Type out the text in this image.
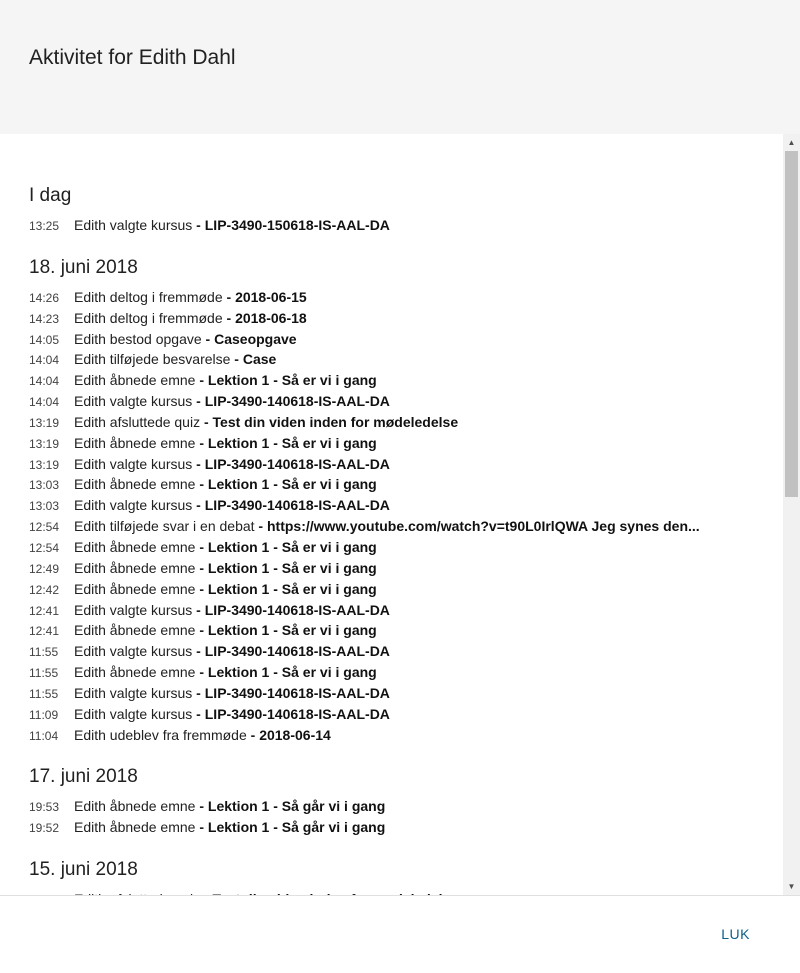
Aktivitet for Edith Dahl
I dag
13:25 Edith valgte kursus - LIP-3490-150618-IS-AAL-DA
18. juni 2018
14:26 Edith deltog i fremmøde - 2018-06-15
14:23 Edith deltog i fremmøde - 2018-06-18
14:05 Edith bestod opgave - Caseopgave
14:04 Edith tilføjede besvarelse - Case
14:04 Edith åbnede emne - Lektion 1 - Så er vi i gang
14:04 Edith valgte kursus - LIP-3490-140618-IS-AAL-DA
13:19 Edith afsluttede quiz - Test din viden inden for mødeledelse
13:19 Edith åbnede emne - Lektion 1 - Så er vi i gang
13:19 Edith valgte kursus - LIP-3490-140618-IS-AAL-DA
13:03 Edith åbnede emne - Lektion 1 - Så er vi i gang
13:03 Edith valgte kursus - LIP-3490-140618-IS-AAL-DA
12:54 Edith tilføjede svar i en debat - https://www.youtube.com/watch?v=t90L0IrlQWA Jeg synes den...
12:54 Edith åbnede emne - Lektion 1 - Så er vi i gang
12:49 Edith åbnede emne - Lektion 1 - Så er vi i gang
12:42 Edith åbnede emne - Lektion 1 - Så er vi i gang
12:41 Edith valgte kursus - LIP-3490-140618-IS-AAL-DA
12:41 Edith åbnede emne - Lektion 1 - Så er vi i gang
11:55 Edith valgte kursus - LIP-3490-140618-IS-AAL-DA
11:55 Edith åbnede emne - Lektion 1 - Så er vi i gang
11:55 Edith valgte kursus - LIP-3490-140618-IS-AAL-DA
11:09 Edith valgte kursus - LIP-3490-140618-IS-AAL-DA
11:04 Edith udeblev fra fremmøde - 2018-06-14
17. juni 2018
19:53 Edith åbnede emne - Lektion 1 - Så går vi i gang
19:52 Edith åbnede emne - Lektion 1 - Så går vi i gang
15. juni 2018
▲
▼
LUK
